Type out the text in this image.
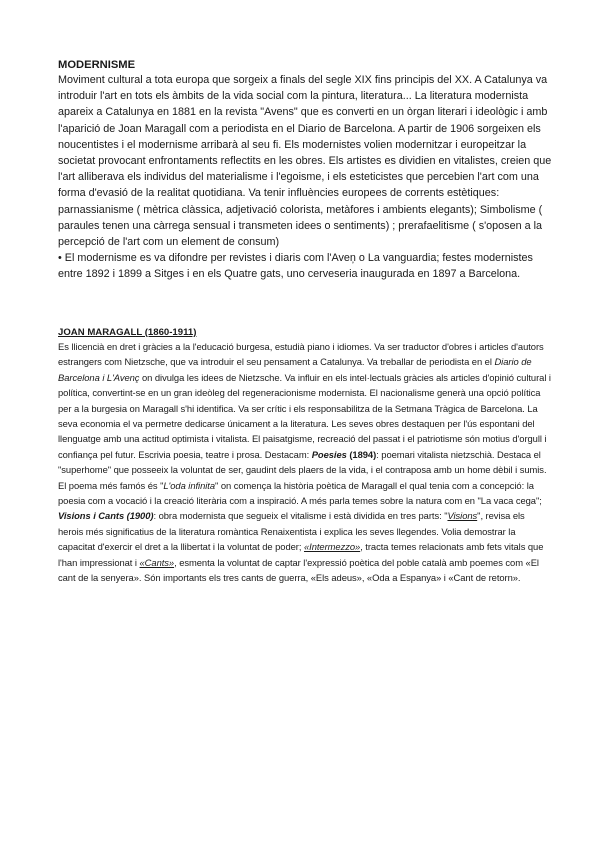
MODERNISME

Moviment cultural a tota europa que sorgeix a finals del segle XIX fins principis del XX. A Catalunya va introduir l'art en tots els àmbits de la vida social com la pintura, literatura... La literatura modernista apareix a Catalunya en 1881 en la revista "Avens" que es converti en un òrgan literari i ideològic i amb l'aparició de Joan Maragall com a periodista en el Diario de Barcelona. A partir de 1906 sorgeixen els noucentistes i el modernisme arribarà al seu fi. Els modernistes volien modernitzar i europeitzar la societat provocant enfrontaments reflectits en les obres. Els artistes es dividien en vitalistes, creien que l'art alliberava els individus del materialisme i l'egoisme, i els esteticistes que percebien l'art com una forma d'evasió de la realitat quotidiana. Va tenir influències europees de corrents estètiques: parnassianisme ( mètrica clàssica, adjetivació colorista, metàfores i ambients elegants); Simbolisme ( paraules tenen una càrrega sensual i transmeten idees o sentiments) ; prerafaelitisme ( s'oposen a la percepció de l'art com un element de consum)

• El modernisme es va difondre per revistes i diaris com l'Aveņ o La vanguardia; festes modernistes entre 1892 i 1899 a Sitges i en els Quatre gats, uno cerveseria inaugurada en 1897 a Barcelona.

JOAN MARAGALL (1860-1911)

Es llicencià en dret i gràcies a la l'educació burgesa, estudià piano i idiomes. Va ser traductor d'obres i articles d'autors estrangers com Nietzsche, que va introduir el seu pensament a Catalunya. Va treballar de periodista en el Diario de Barcelona i L'Avenç on divulga les idees de Nietzsche. Va influir en els intel·lectuals gràcies als articles d'opinió cultural i política, convertint-se en un gran ideòleg del regeneracionisme modernista. El nacionalisme generà una opció política per a la burgesia on Maragall s'hi identifica. Va ser crític i els responsabilitza de la Setmana Tràgica de Barcelona. La seva economia el va permetre dedicarse únicament a la literatura. Les seves obres destaquen per l'ús espontani del llenguatge amb una actitud optimista i vitalista. El paisatgisme, recreació del passat i el patriotisme són motius d'orgull i confiança pel futur. Escrivia poesia, teatre i prosa. Destacam: Poesies (1894): poemari vitalista nietzschià. Destaca el "superhome" que posseeix la voluntat de ser, gaudint dels plaers de la vida, i el contraposa amb un home dèbil i sumis. El poema més famós és "L'oda infinita" on comença la història poètica de Maragall el qual tenia com a concepció: la poesia com a vocació i la creació literària com a inspiració. A més parla temes sobre la natura com en "La vaca cega"; Visions i Cants (1900): obra modernista que segueix el vitalisme i està dividida en tres parts: "Visions", revisa els herois més significatius de la literatura romàntica Renaixentista i explica les seves llegendes. Volia demostrar la capacitat d'exercir el dret a la llibertat i la voluntat de poder; «Intermezzo», tracta temes relacionats amb fets vitals que l'han impressionat i «Cants», esmenta la voluntat de captar l'expressió poètica del poble català amb poemes com «El cant de la senyera». Són importants els tres cants de guerra, «Els adeus», «Oda a Espanya» i «Cant de retorn».
